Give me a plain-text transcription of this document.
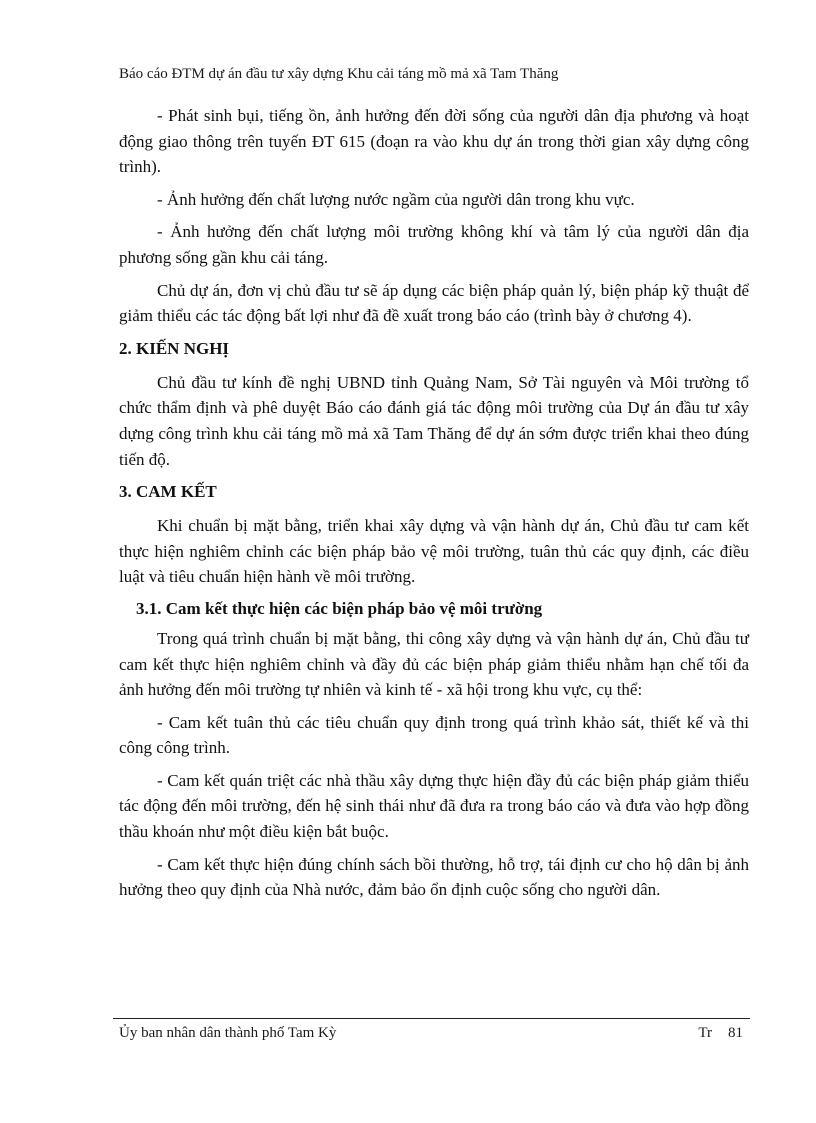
Báo cáo ĐTM dự án đầu tư xây dựng Khu cải táng mồ mả xã Tam Thăng

- Phát sinh bụi, tiếng ồn, ảnh hưởng đến đời sống của người dân địa phương và hoạt động giao thông trên tuyến ĐT 615 (đoạn ra vào khu dự án trong thời gian xây dựng công trình).

- Ảnh hưởng đến chất lượng nước ngầm của người dân trong khu vực.

- Ảnh hưởng đến chất lượng môi trường không khí và tâm lý của người dân địa phương sống gần khu cải táng.

Chủ dự án, đơn vị chủ đầu tư sẽ áp dụng các biện pháp quản lý, biện pháp kỹ thuật để giảm thiểu các tác động bất lợi như đã đề xuất trong báo cáo (trình bày ở chương 4).

2. KIẾN NGHỊ

Chủ đầu tư kính đề nghị UBND tỉnh Quảng Nam, Sở Tài nguyên và Môi trường tổ chức thẩm định và phê duyệt Báo cáo đánh giá tác động môi trường của Dự án đầu tư xây dựng công trình khu cải táng mồ mả xã Tam Thăng để dự án sớm được triển khai theo đúng tiến độ.

3. CAM KẾT

Khi chuẩn bị mặt bằng, triển khai xây dựng và vận hành dự án, Chủ đầu tư cam kết thực hiện nghiêm chỉnh các biện pháp bảo vệ môi trường, tuân thủ các quy định, các điều luật và tiêu chuẩn hiện hành về môi trường.

3.1. Cam kết thực hiện các biện pháp bảo vệ môi trường

Trong quá trình chuẩn bị mặt bằng, thi công xây dựng và vận hành dự án, Chủ đầu tư cam kết thực hiện nghiêm chỉnh và đầy đủ các biện pháp giảm thiểu nhằm hạn chế tối đa ảnh hưởng đến môi trường tự nhiên và kinh tế - xã hội trong khu vực, cụ thể:

- Cam kết tuân thủ các tiêu chuẩn quy định trong quá trình khảo sát, thiết kế và thi công công trình.

- Cam kết quán triệt các nhà thầu xây dựng thực hiện đầy đủ các biện pháp giảm thiểu tác động đến môi trường, đến hệ sinh thái như đã đưa ra trong báo cáo và đưa vào hợp đồng thầu khoán như một điều kiện bắt buộc.

- Cam kết thực hiện đúng chính sách bồi thường, hỗ trợ, tái định cư cho hộ dân bị ảnh hưởng theo quy định của Nhà nước, đảm bảo ổn định cuộc sống cho người dân.

Ủy ban nhân dân thành phố Tam Kỳ	Tr 81
